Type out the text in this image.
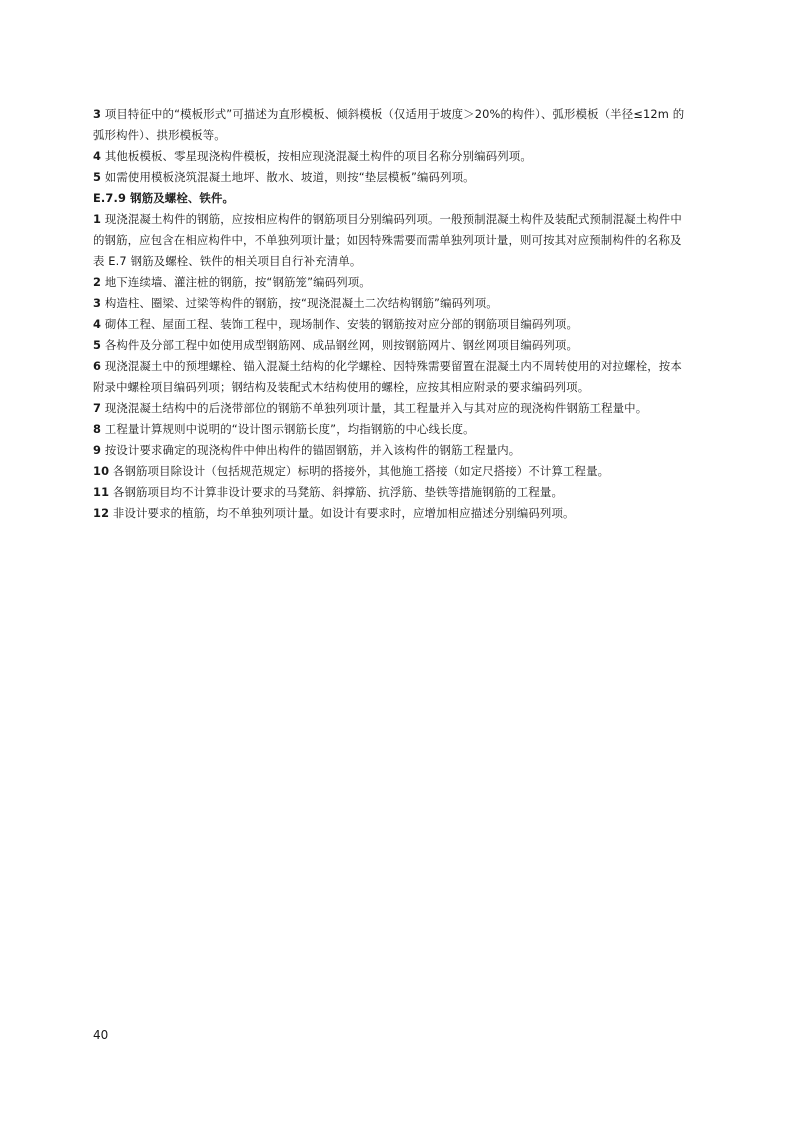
3 项目特征中的“模板形式”可描述为直形模板、倾斜模板（仅适用于坡度＞20%的构件）、弧形模板（半径≤12m 的
弧形构件）、拱形模板等。
4 其他板模板、零星现浇构件模板，按相应现浇混凝土构件的项目名称分别编码列项。
5 如需使用模板浇筑混凝土地坪、散水、坡道，则按“垫层模板”编码列项。
E.7.9 钢筋及螺栓、铁件。
1 现浇混凝土构件的钢筋，应按相应构件的钢筋项目分别编码列项。一般预制混凝土构件及装配式预制混凝土构件中
的钢筋，应包含在相应构件中，不单独列项计量；如因特殊需要而需单独列项计量，则可按其对应预制构件的名称及
表 E.7 钢筋及螺栓、铁件的相关项目自行补充清单。
2 地下连续墙、灌注桩的钢筋，按“钢筋笼”编码列项。
3 构造柱、圈梁、过梁等构件的钢筋，按“现浇混凝土二次结构钢筋”编码列项。
4 砌体工程、屋面工程、装饰工程中，现场制作、安装的钢筋按对应分部的钢筋项目编码列项。
5 各构件及分部工程中如使用成型钢筋网、成品钢丝网，则按钢筋网片、钢丝网项目编码列项。
6 现浇混凝土中的预埋螺栓、锚入混凝土结构的化学螺栓、因特殊需要留置在混凝土内不周转使用的对拉螺栓，按本
附录中螺栓项目编码列项；钢结构及装配式木结构使用的螺栓，应按其相应附录的要求编码列项。
7 现浇混凝土结构中的后浇带部位的钢筋不单独列项计量，其工程量并入与其对应的现浇构件钢筋工程量中。
8 工程量计算规则中说明的“设计图示钢筋长度”，均指钢筋的中心线长度。
9 按设计要求确定的现浇构件中伸出构件的锚固钢筋，并入该构件的钢筋工程量内。
10 各钢筋项目除设计（包括规范规定）标明的搭接外，其他施工搭接（如定尺搭接）不计算工程量。
11 各钢筋项目均不计算非设计要求的马凳筋、斜撑筋、抗浮筋、垫铁等措施钢筋的工程量。
12 非设计要求的植筋，均不单独列项计量。如设计有要求时，应增加相应描述分别编码列项。
40
